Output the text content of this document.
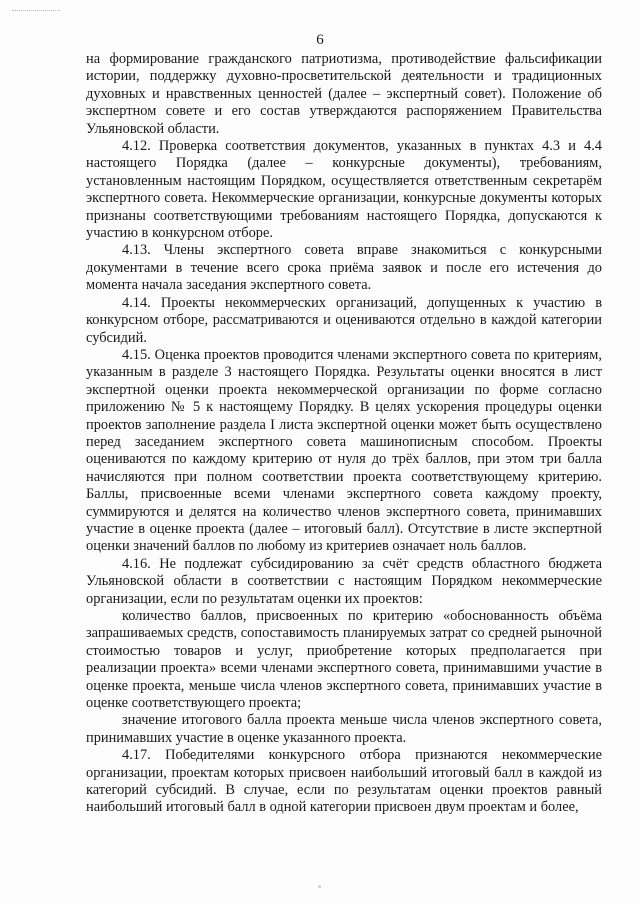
6

на формирование гражданского патриотизма, противодействие фальсификации истории, поддержку духовно-просветительской деятельности и традиционных духовных и нравственных ценностей (далее – экспертный совет). Положение об экспертном совете и его состав утверждаются распоряжением Правительства Ульяновской области.

4.12. Проверка соответствия документов, указанных в пунктах 4.3 и 4.4 настоящего Порядка (далее – конкурсные документы), требованиям, установленным настоящим Порядком, осуществляется ответственным секретарём экспертного совета. Некоммерческие организации, конкурсные документы которых признаны соответствующими требованиям настоящего Порядка, допускаются к участию в конкурсном отборе.

4.13. Члены экспертного совета вправе знакомиться с конкурсными документами в течение всего срока приёма заявок и после его истечения до момента начала заседания экспертного совета.

4.14. Проекты некоммерческих организаций, допущенных к участию в конкурсном отборе, рассматриваются и оцениваются отдельно в каждой категории субсидий.

4.15. Оценка проектов проводится членами экспертного совета по критериям, указанным в разделе 3 настоящего Порядка. Результаты оценки вносятся в лист экспертной оценки проекта некоммерческой организации по форме согласно приложению № 5 к настоящему Порядку. В целях ускорения процедуры оценки проектов заполнение раздела I листа экспертной оценки может быть осуществлено перед заседанием экспертного совета машинописным способом. Проекты оцениваются по каждому критерию от нуля до трёх баллов, при этом три балла начисляются при полном соответствии проекта соответствующему критерию. Баллы, присвоенные всеми членами экспертного совета каждому проекту, суммируются и делятся на количество членов экспертного совета, принимавших участие в оценке проекта (далее – итоговый балл). Отсутствие в листе экспертной оценки значений баллов по любому из критериев означает ноль баллов.

4.16. Не подлежат субсидированию за счёт средств областного бюджета Ульяновской области в соответствии с настоящим Порядком некоммерческие организации, если по результатам оценки их проектов:

количество баллов, присвоенных по критерию «обоснованность объёма запрашиваемых средств, сопоставимость планируемых затрат со средней рыночной стоимостью товаров и услуг, приобретение которых предполагается при реализации проекта» всеми членами экспертного совета, принимавшими участие в оценке проекта, меньше числа членов экспертного совета, принимавших участие в оценке соответствующего проекта;

значение итогового балла проекта меньше числа членов экспертного совета, принимавших участие в оценке указанного проекта.

4.17. Победителями конкурсного отбора признаются некоммерческие организации, проектам которых присвоен наибольший итоговый балл в каждой из категорий субсидий. В случае, если по результатам оценки проектов равный наибольший итоговый балл в одной категории присвоен двум проектам и более,
